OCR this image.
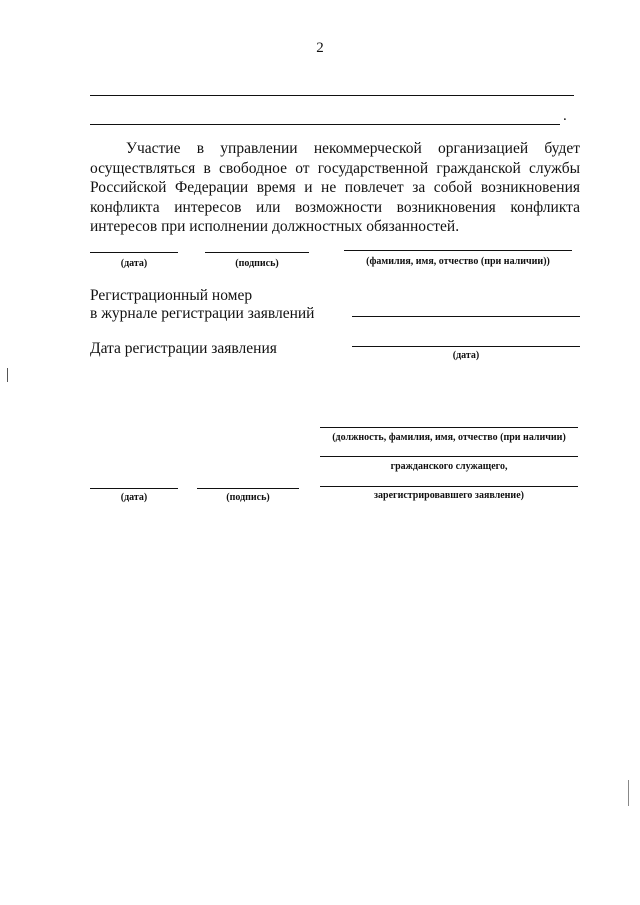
2
.

Участие в управлении некоммерческой организацией будет осуществляться в свободное от государственной гражданской службы Российской Федерации время и не повлечет за собой возникновения конфликта интересов или возможности возникновения конфликта интересов при исполнении должностных обязанностей.

(дата)	(подпись)	(фамилия, имя, отчество (при наличии))
Регистрационный номер
в журнале регистрации заявлений
Дата регистрации заявления	(дата)
(должность, фамилия, имя, отчество (при наличии)
гражданского служащего,
(дата)	(подпись)	зарегистрировавшего заявление)
